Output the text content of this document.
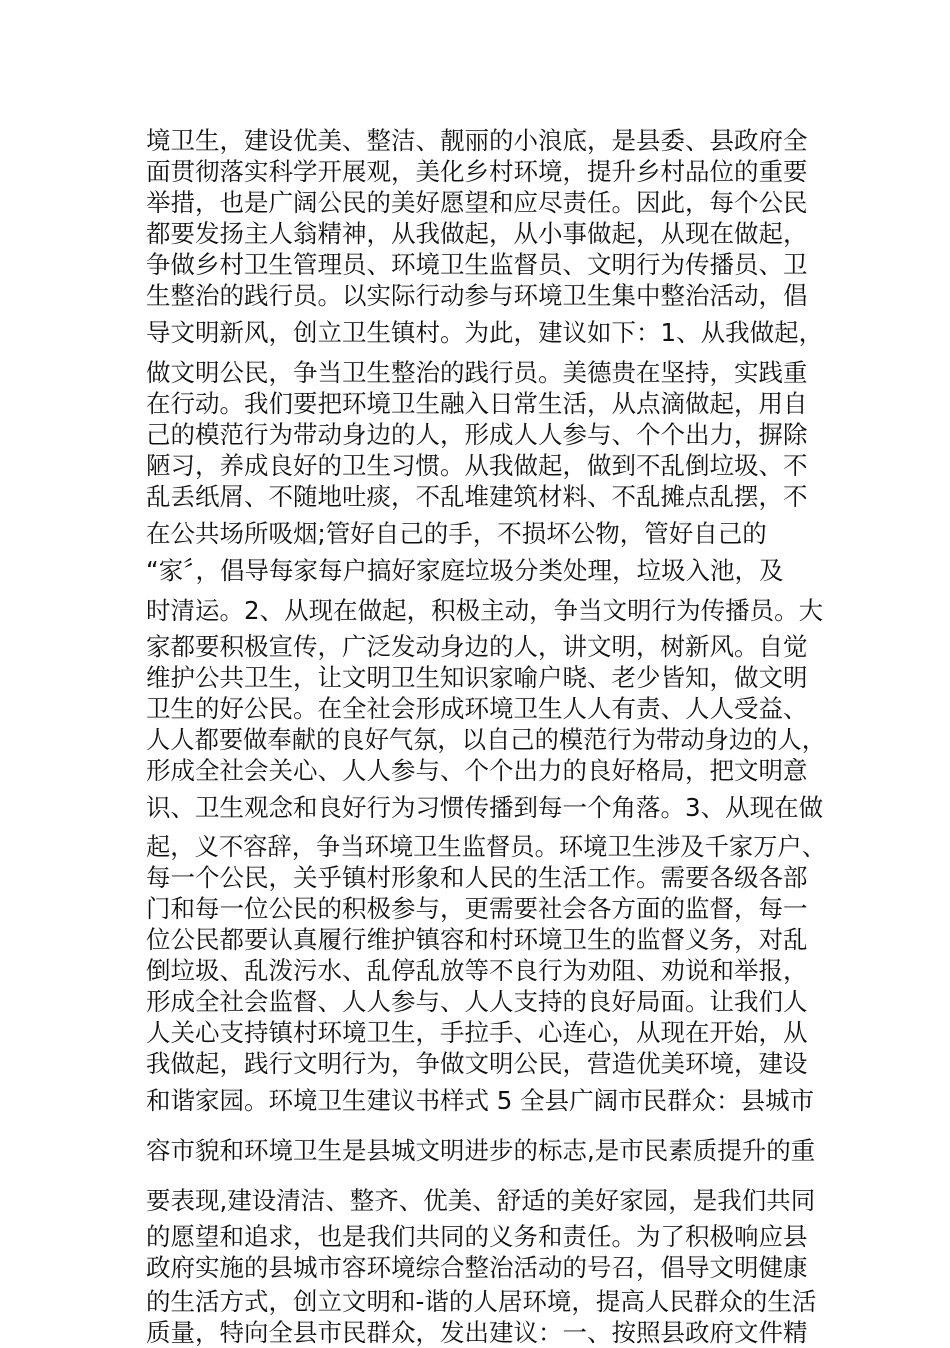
境卫生，建设优美、整洁、靓丽的小浪底，是县委、县政府全
面贯彻落实科学开展观，美化乡村环境，提升乡村品位的重要
举措，也是广阔公民的美好愿望和应尽责任。因此，每个公民
都要发扬主人翁精神，从我做起，从小事做起，从现在做起，
争做乡村卫生管理员、环境卫生监督员、文明行为传播员、卫
生整治的践行员。以实际行动参与环境卫生集中整治活动，倡
导文明新风，创立卫生镇村。为此，建议如下：1、从我做起，
做文明公民，争当卫生整治的践行员。美德贵在坚持，实践重
在行动。我们要把环境卫生融入日常生活，从点滴做起，用自
己的模范行为带动身边的人，形成人人参与、个个出力，摒除
陋习，养成良好的卫生习惯。从我做起，做到不乱倒垃圾、不
乱丢纸屑、不随地吐痰，不乱堆建筑材料、不乱摊点乱摆，不
在公共场所吸烟;管好自己的手，不损坏公物，管好自己的
“家〞，倡导每家每户搞好家庭垃圾分类处理，垃圾入池，及
时清运。2、从现在做起，积极主动，争当文明行为传播员。大
家都要积极宣传，广泛发动身边的人，讲文明，树新风。自觉
维护公共卫生，让文明卫生知识家喻户晓、老少皆知，做文明
卫生的好公民。在全社会形成环境卫生人人有责、人人受益、
人人都要做奉献的良好气氛，以自己的模范行为带动身边的人，
形成全社会关心、人人参与、个个出力的良好格局，把文明意
识、卫生观念和良好行为习惯传播到每一个角落。3、从现在做
起，义不容辞，争当环境卫生监督员。环境卫生涉及千家万户、
每一个公民，关乎镇村形象和人民的生活工作。需要各级各部
门和每一位公民的积极参与，更需要社会各方面的监督，每一
位公民都要认真履行维护镇容和村环境卫生的监督义务，对乱
倒垃圾、乱泼污水、乱停乱放等不良行为劝阻、劝说和举报，
形成全社会监督、人人参与、人人支持的良好局面。让我们人
人关心支持镇村环境卫生，手拉手、心连心，从现在开始，从
我做起，践行文明行为，争做文明公民，营造优美环境，建设
和谐家园。环境卫生建议书样式 5 全县广阔市民群众：县城市
容市貌和环境卫生是县城文明进步的标志,是市民素质提升的重
要表现,建设清洁、整齐、优美、舒适的美好家园，是我们共同
的愿望和追求，也是我们共同的义务和责任。为了积极响应县
政府实施的县城市容环境综合整治活动的号召，倡导文明健康
的生活方式，创立文明和-谐的人居环境，提高人民群众的生活
质量，特向全县市民群众，发出建议：一、按照县政府文件精
